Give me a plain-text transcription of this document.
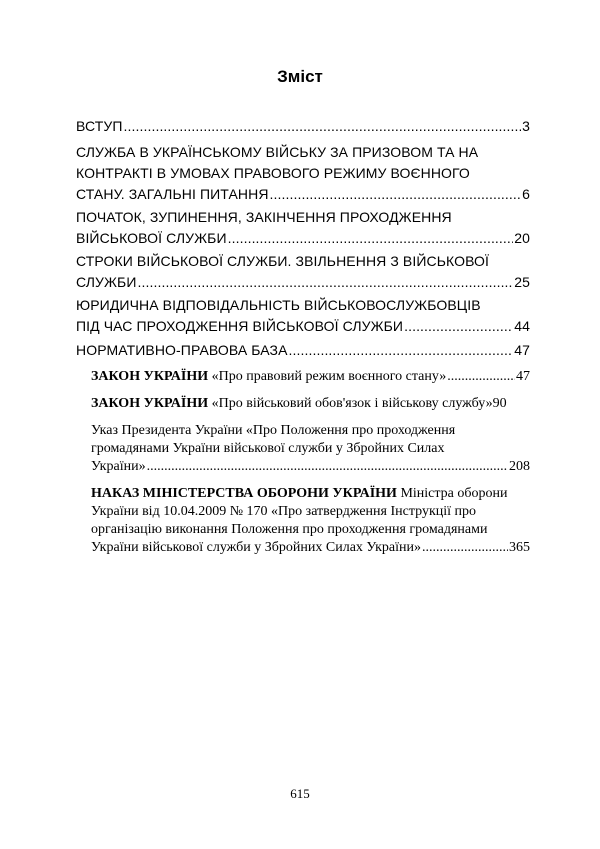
Зміст
ВСТУП .....	3
СЛУЖБА В УКРАЇНСЬКОМУ ВІЙСЬКУ ЗА ПРИЗОВОМ ТА НА
КОНТРАКТІ В УМОВАХ ПРАВОВОГО РЕЖИМУ ВОЄННОГО
СТАНУ. ЗАГАЛЬНІ ПИТАННЯ .....	6
ПОЧАТОК, ЗУПИНЕННЯ, ЗАКІНЧЕННЯ ПРОХОДЖЕННЯ
ВІЙСЬКОВОЇ СЛУЖБИ .....	20
СТРОКИ ВІЙСЬКОВОЇ СЛУЖБИ. ЗВІЛЬНЕННЯ З ВІЙСЬКОВОЇ
СЛУЖБИ .....	25
ЮРИДИЧНА ВІДПОВІДАЛЬНІСТЬ ВІЙСЬКОВОСЛУЖБОВЦІВ
ПІД ЧАС ПРОХОДЖЕННЯ ВІЙСЬКОВОЇ СЛУЖБИ .....	44
НОРМАТИВНО-ПРАВОВА БАЗА .....	47
ЗАКОН УКРАЇНИ «Про правовий режим воєнного стану» .....	47
ЗАКОН УКРАЇНИ «Про військовий обов'язок і військову службу» 90
Указ Президента України «Про Положення про проходження
громадянами України військової служби у Збройних Силах
України» .....	208
НАКАЗ МІНІСТЕРСТВА ОБОРОНИ УКРАЇНИ Міністра оборони
України від 10.04.2009 № 170 «Про затвердження Інструкції про
організацію виконання Положення про проходження громадянами
України військової служби у Збройних Силах України» .....	365
615
